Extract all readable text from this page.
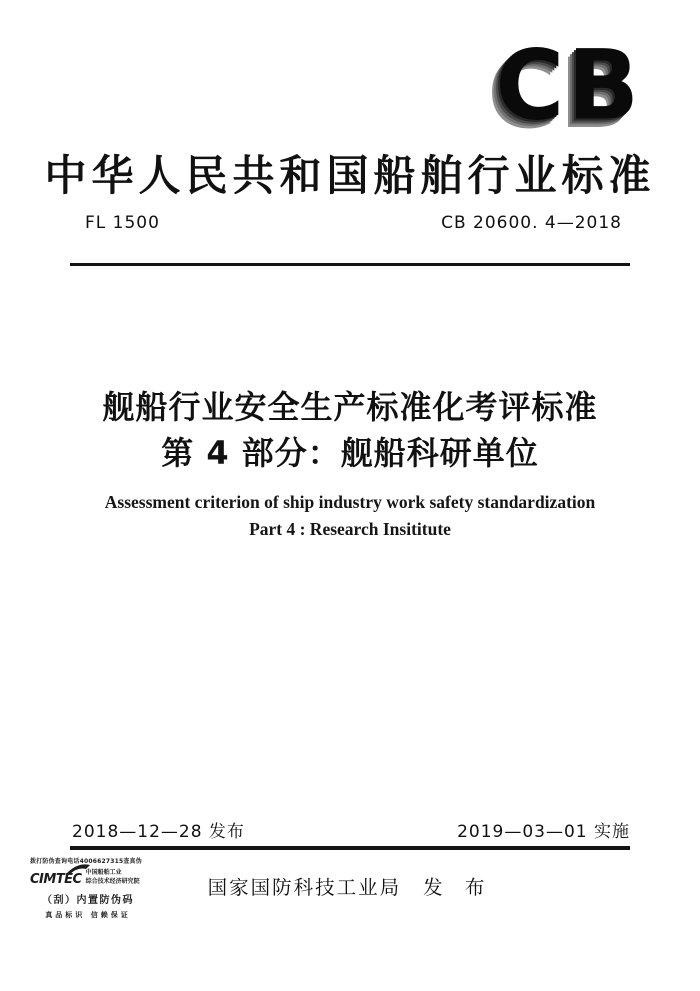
CB
中华人民共和国船舶行业标准
FL 1500	CB 20600. 4—2018
舰船行业安全生产标准化考评标准
第 4 部分：舰船科研单位
Assessment criterion of ship industry work safety standardization
Part 4 : Research Insititute
2018—12—28 发布	2019—03—01 实施
国家国防科技工业局 发 布
拨打防伪查询电话4006627315查真伪
CIMTEC 中国船舶工业
综合技术经济研究院
（刮）内置防伪码
真品标识 信赖保证
